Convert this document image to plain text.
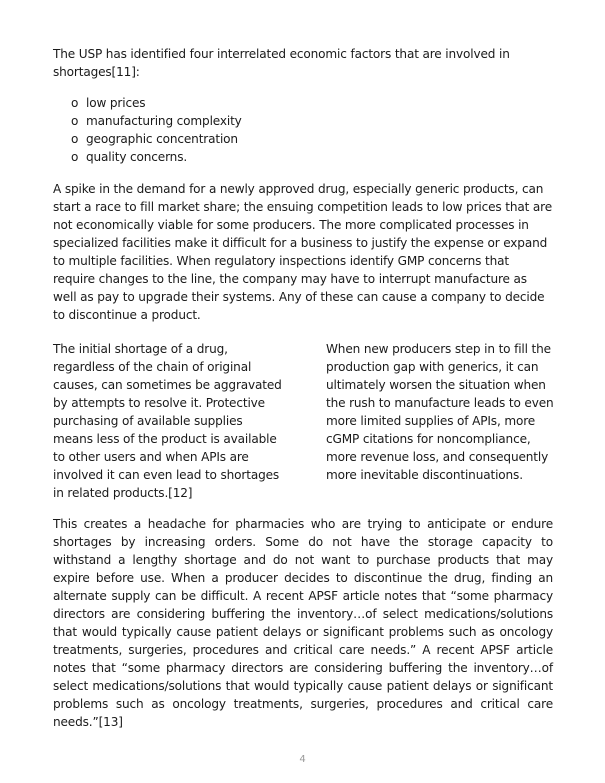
The USP has identified four interrelated economic factors that are involved in shortages[11]:

o low prices
o manufacturing complexity
o geographic concentration
o quality concerns.

A spike in the demand for a newly approved drug, especially generic products, can start a race to fill market share; the ensuing competition leads to low prices that are not economically viable for some producers. The more complicated processes in specialized facilities make it difficult for a business to justify the expense or expand to multiple facilities. When regulatory inspections identify GMP concerns that require changes to the line, the company may have to interrupt manufacture as well as pay to upgrade their systems. Any of these can cause a company to decide to discontinue a product.

The initial shortage of a drug, regardless of the chain of original causes, can sometimes be aggravated by attempts to resolve it. Protective purchasing of available supplies means less of the product is available to other users and when APIs are involved it can even lead to shortages in related products.[12]

When new producers step in to fill the production gap with generics, it can ultimately worsen the situation when the rush to manufacture leads to even more limited supplies of APIs, more cGMP citations for noncompliance, more revenue loss, and consequently more inevitable discontinuations.

This creates a headache for pharmacies who are trying to anticipate or endure shortages by increasing orders. Some do not have the storage capacity to withstand a lengthy shortage and do not want to purchase products that may expire before use. When a producer decides to discontinue the drug, finding an alternate supply can be difficult. A recent APSF article notes that “some pharmacy directors are considering buffering the inventory…of select medications/solutions that would typically cause patient delays or significant problems such as oncology treatments, surgeries, procedures and critical care needs.” A recent APSF article notes that “some pharmacy directors are considering buffering the inventory…of select medications/solutions that would typically cause patient delays or significant problems such as oncology treatments, surgeries, procedures and critical care needs.”[13]

4
